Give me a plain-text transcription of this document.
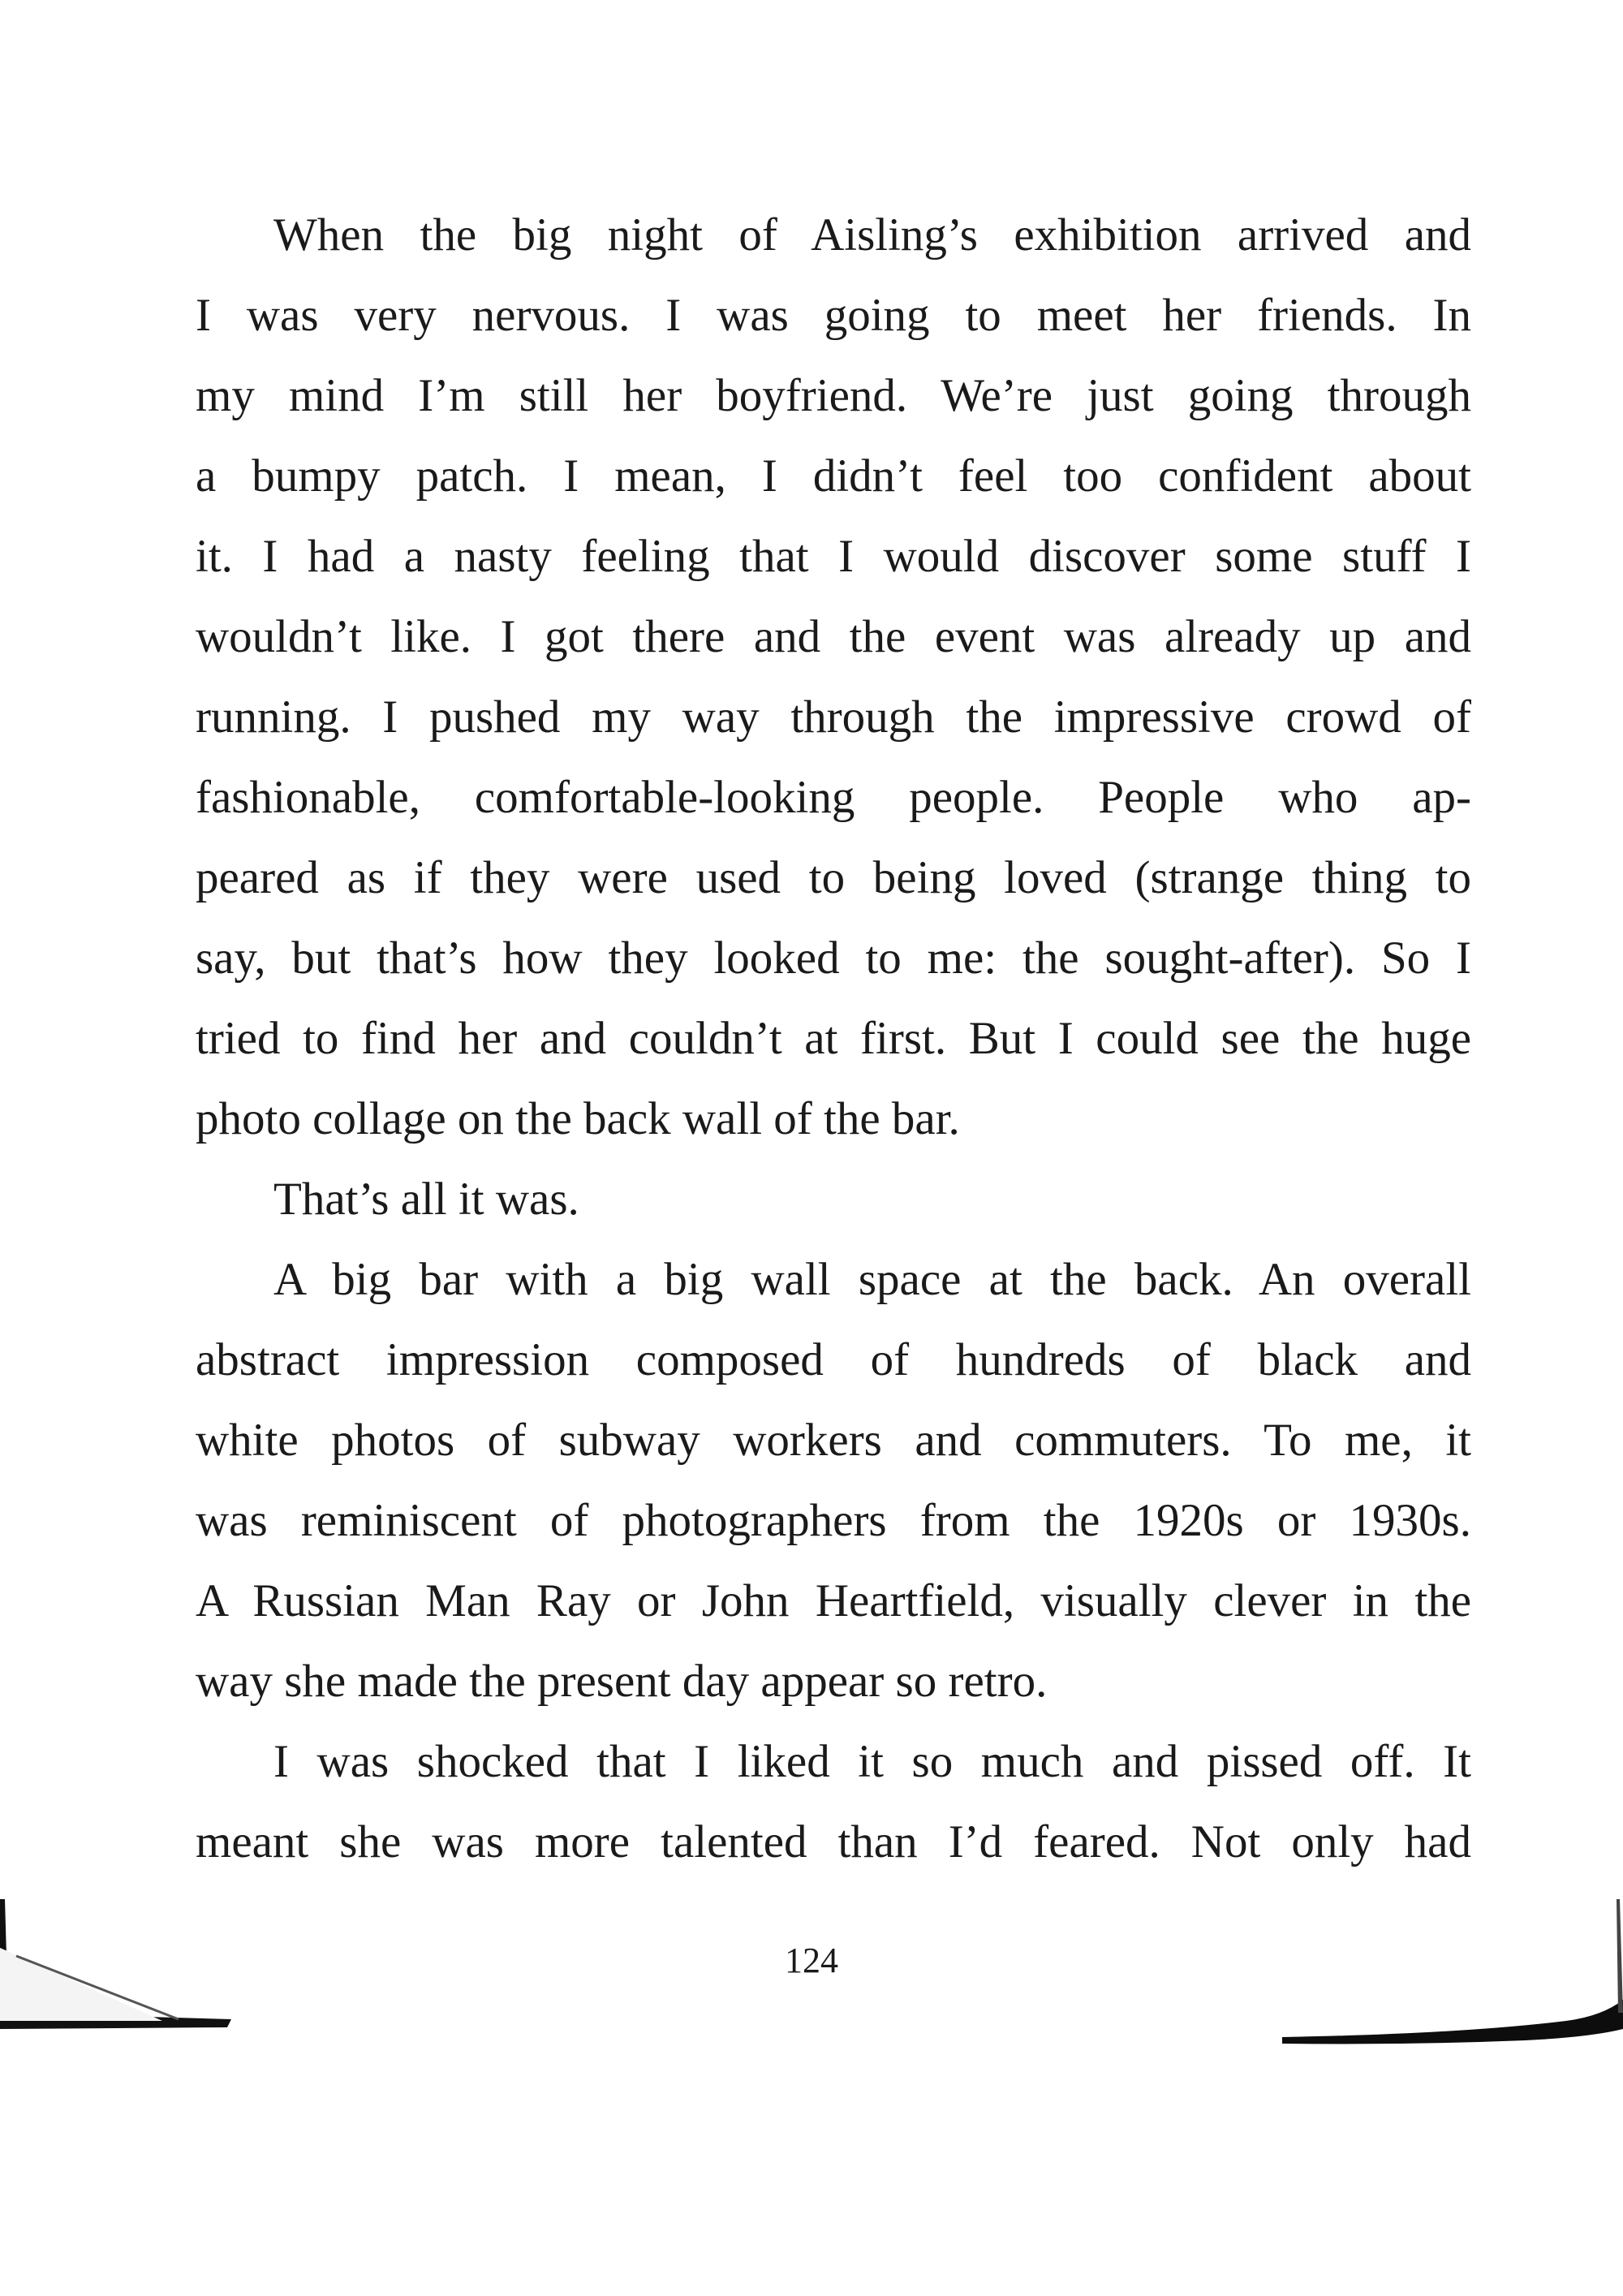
When the big night of Aisling’s exhibition arrived and
I was very nervous. I was going to meet her friends. In
my mind I’m still her boyfriend. We’re just going through
a bumpy patch. I mean, I didn’t feel too confident about
it. I had a nasty feeling that I would discover some stuff I
wouldn’t like. I got there and the event was already up and
running. I pushed my way through the impressive crowd of
fashionable, comfortable-looking people. People who ap-
peared as if they were used to being loved (strange thing to
say, but that’s how they looked to me: the sought-after). So I
tried to find her and couldn’t at first. But I could see the huge
photo collage on the back wall of the bar.
That’s all it was.
A big bar with a big wall space at the back. An overall
abstract impression composed of hundreds of black and
white photos of subway workers and commuters. To me, it
was reminiscent of photographers from the 1920s or 1930s.
A Russian Man Ray or John Heartfield, visually clever in the
way she made the present day appear so retro.
I was shocked that I liked it so much and pissed off. It
meant she was more talented than I’d feared. Not only had
124
